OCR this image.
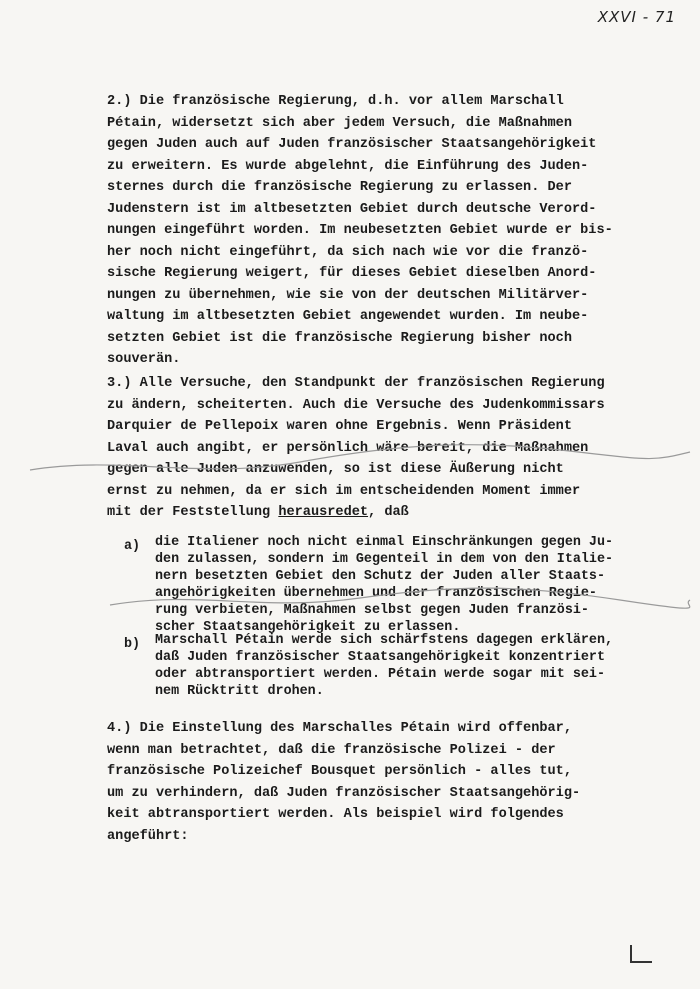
XXVI - 71
2.) Die französische Regierung, d.h. vor allem Marschall
Pétain, widersetzt sich aber jedem Versuch, die Maßnahmen
gegen Juden auch auf Juden französischer Staatsangehörigkeit
zu erweitern. Es wurde abgelehnt, die Einführung des Juden-
sternes durch die französische Regierung zu erlassen. Der
Judenstern ist im altbesetzten Gebiet durch deutsche Verord-
nungen eingeführt worden. Im neubesetzten Gebiet wurde er bis-
her noch nicht eingeführt, da sich nach wie vor die franzö-
sische Regierung weigert, für dieses Gebiet dieselben Anord-
nungen zu übernehmen, wie sie von der deutschen Militärver-
waltung im altbesetzten Gebiet angewendet wurden. Im neube-
setzten Gebiet ist die französische Regierung bisher noch
souverän.
3.) Alle Versuche, den Standpunkt der französischen Regierung
zu ändern, scheiterten. Auch die Versuche des Judenkommissars
Darquier de Pellepoix waren ohne Ergebnis. Wenn Präsident
Laval auch angibt, er persönlich wäre bereit, die Maßnahmen
gegen alle Juden anzuwenden, so ist diese Äußerung nicht
ernst zu nehmen, da er sich im entscheidenden Moment immer
mit der Feststellung herausredet, daß
a) die Italiener noch nicht einmal Einschränkungen gegen Ju-
den zulassen, sondern im Gegenteil in dem von den Italie-
nern besetzten Gebiet den Schutz der Juden aller Staats-
angehörigkeiten übernehmen und der französischen Regie-
rung verbieten, Maßnahmen selbst gegen Juden französi-
scher Staatsangehörigkeit zu erlassen.
b) Marschall Pétain werde sich schärfstens dagegen erklären,
daß Juden französischer Staatsangehörigkeit konzentriert
oder abtransportiert werden. Pétain werde sogar mit sei-
nem Rücktritt drohen.
4.) Die Einstellung des Marschalles Pétain wird offenbar,
wenn man betrachtet, daß die französische Polizei - der
französische Polizeichef Bousquet persönlich - alles tut,
um zu verhindern, daß Juden französischer Staatsangehörig-
keit abtransportiert werden. Als beispiel wird folgendes
angeführt:
